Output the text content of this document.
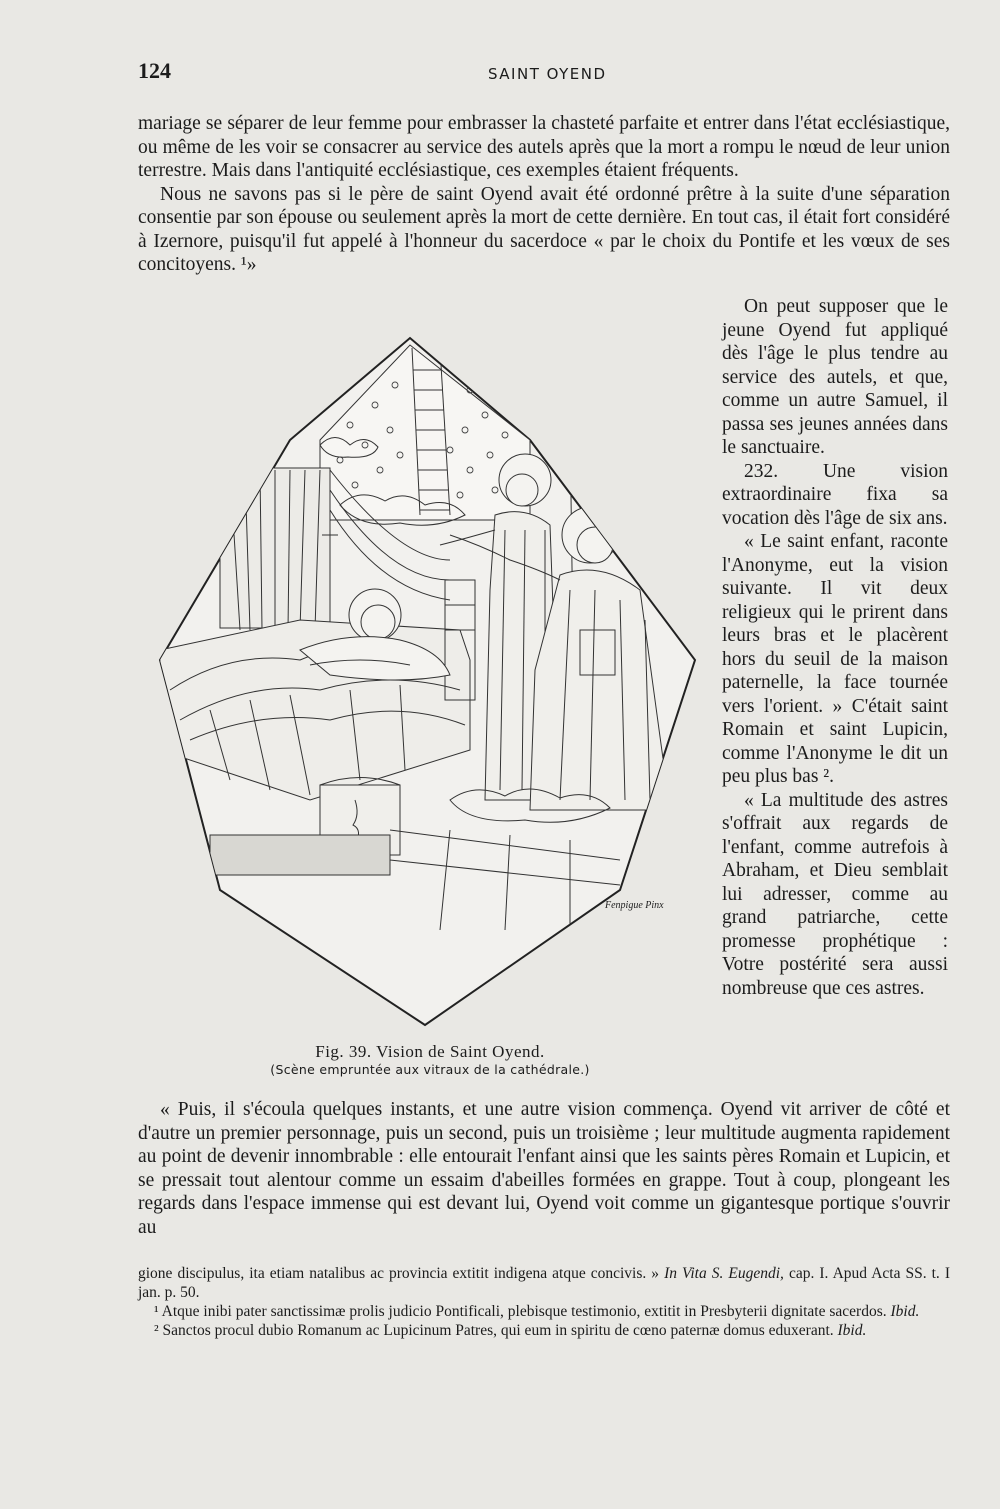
124	SAINT OYEND

mariage se séparer de leur femme pour embrasser la chasteté parfaite et entrer dans l'état ecclésiastique, ou même de les voir se consacrer au service des autels après que la mort a rompu le nœud de leur union terrestre. Mais dans l'antiquité ecclésiastique, ces exemples étaient fréquents.

Nous ne savons pas si le père de saint Oyend avait été ordonné prêtre à la suite d'une séparation consentie par son épouse ou seulement après la mort de cette dernière. En tout cas, il était fort considéré à Izernore, puisqu'il fut appelé à l'honneur du sacerdoce « par le choix du Pontife et les vœux de ses concitoyens. ¹»

On peut supposer que le jeune Oyend fut appliqué dès l'âge le plus tendre au service des autels, et que, comme un autre Samuel, il passa ses jeunes années dans le sanctuaire.

232. Une vision extraordinaire fixa sa vocation dès l'âge de six ans.

« Le saint enfant, raconte l'Anonyme, eut la vision suivante. Il vit deux religieux qui le prirent dans leurs bras et le placèrent hors du seuil de la maison paternelle, la face tournée vers l'orient. » C'était saint Romain et saint Lupicin, comme l'Anonyme le dit un peu plus bas ².

« La multitude des astres s'offrait aux regards de l'enfant, comme autrefois à Abraham, et Dieu semblait lui adresser, comme au grand patriarche, cette promesse prophétique : Votre postérité sera aussi nombreuse que ces astres.

Fenpigue Pinx
Fig. 39. Vision de Saint Oyend.
(Scène empruntée aux vitraux de la cathédrale.)

« Puis, il s'écoula quelques instants, et une autre vision commença. Oyend vit arriver de côté et d'autre un premier personnage, puis un second, puis un troisième ; leur multitude augmenta rapidement au point de devenir innombrable : elle entourait l'enfant ainsi que les saints pères Romain et Lupicin, et se pressait tout alentour comme un essaim d'abeilles formées en grappe. Tout à coup, plongeant les regards dans l'espace immense qui est devant lui, Oyend voit comme un gigantesque portique s'ouvrir au

gione discipulus, ita etiam natalibus ac provincia extitit indigena atque concivis. » In Vita S. Eugendi, cap. I. Apud Acta SS. t. I jan. p. 50.

¹ Atque inibi pater sanctissimæ prolis judicio Pontificali, plebisque testimonio, extitit in Presbyterii dignitate sacerdos. Ibid.

² Sanctos procul dubio Romanum ac Lupicinum Patres, qui eum in spiritu de cœno paternæ domus eduxerant. Ibid.
